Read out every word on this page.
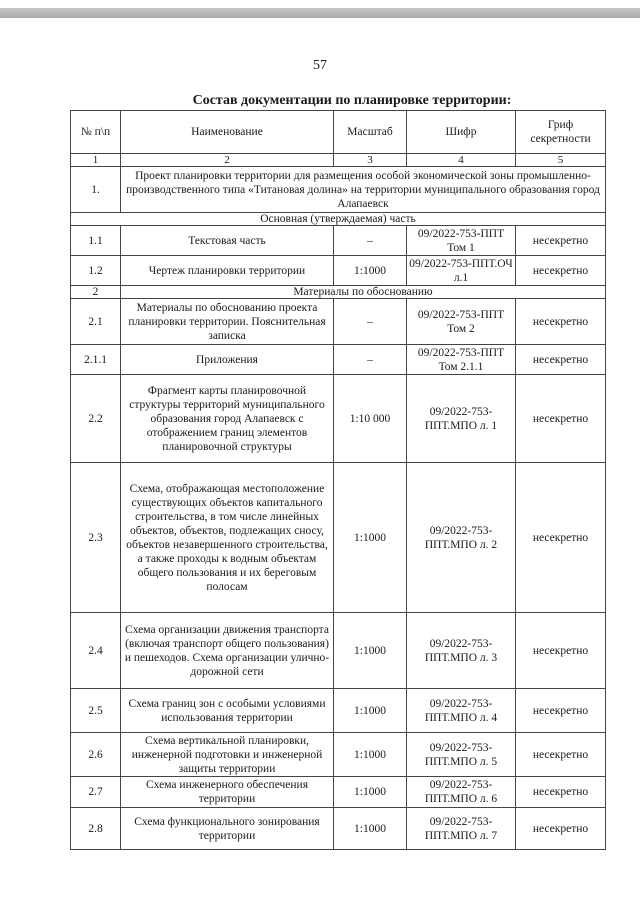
57
Состав документации по планировке территории:
№ п\п	Наименование	Масштаб	Шифр	Гриф секретности
1	2	3	4	5
1.	Проект планировки территории для размещения особой экономической зоны промышленно-производственного типа «Титановая долина» на территории муниципального образования город Алапаевск			
Основная (утверждаемая) часть				
1.1	Текстовая часть	–	09/2022-753-ППТ Том 1	несекретно
1.2	Чертеж планировки территории	1:1000	09/2022-753-ППТ.ОЧ л.1	несекретно
2	Материалы по обоснованию			
2.1	Материалы по обоснованию проекта планировки территории. Пояснительная записка	–	09/2022-753-ППТ Том 2	несекретно
2.1.1	Приложения	–	09/2022-753-ППТ Том 2.1.1	несекретно
2.2	Фрагмент карты планировочной структуры территорий муниципального образования город Алапаевск с отображением границ элементов планировочной структуры	1:10 000	09/2022-753-ППТ.МПО л. 1	несекретно
2.3	Схема, отображающая местоположение существующих объектов капитального строительства, в том числе линейных объектов, объектов, подлежащих сносу, объектов незавершенного строительства, а также проходы к водным объектам общего пользования и их береговым полосам	1:1000	09/2022-753-ППТ.МПО л. 2	несекретно
2.4	Схема организации движения транспорта (включая транспорт общего пользования) и пешеходов. Схема организации улично-дорожной сети	1:1000	09/2022-753-ППТ.МПО л. 3	несекретно
2.5	Схема границ зон с особыми условиями использования территории	1:1000	09/2022-753-ППТ.МПО л. 4	несекретно
2.6	Схема вертикальной планировки, инженерной подготовки и инженерной защиты территории	1:1000	09/2022-753-ППТ.МПО л. 5	несекретно
2.7	Схема инженерного обеспечения территории	1:1000	09/2022-753-ППТ.МПО л. 6	несекретно
2.8	Схема функционального зонирования территории	1:1000	09/2022-753-ППТ.МПО л. 7	несекретно
